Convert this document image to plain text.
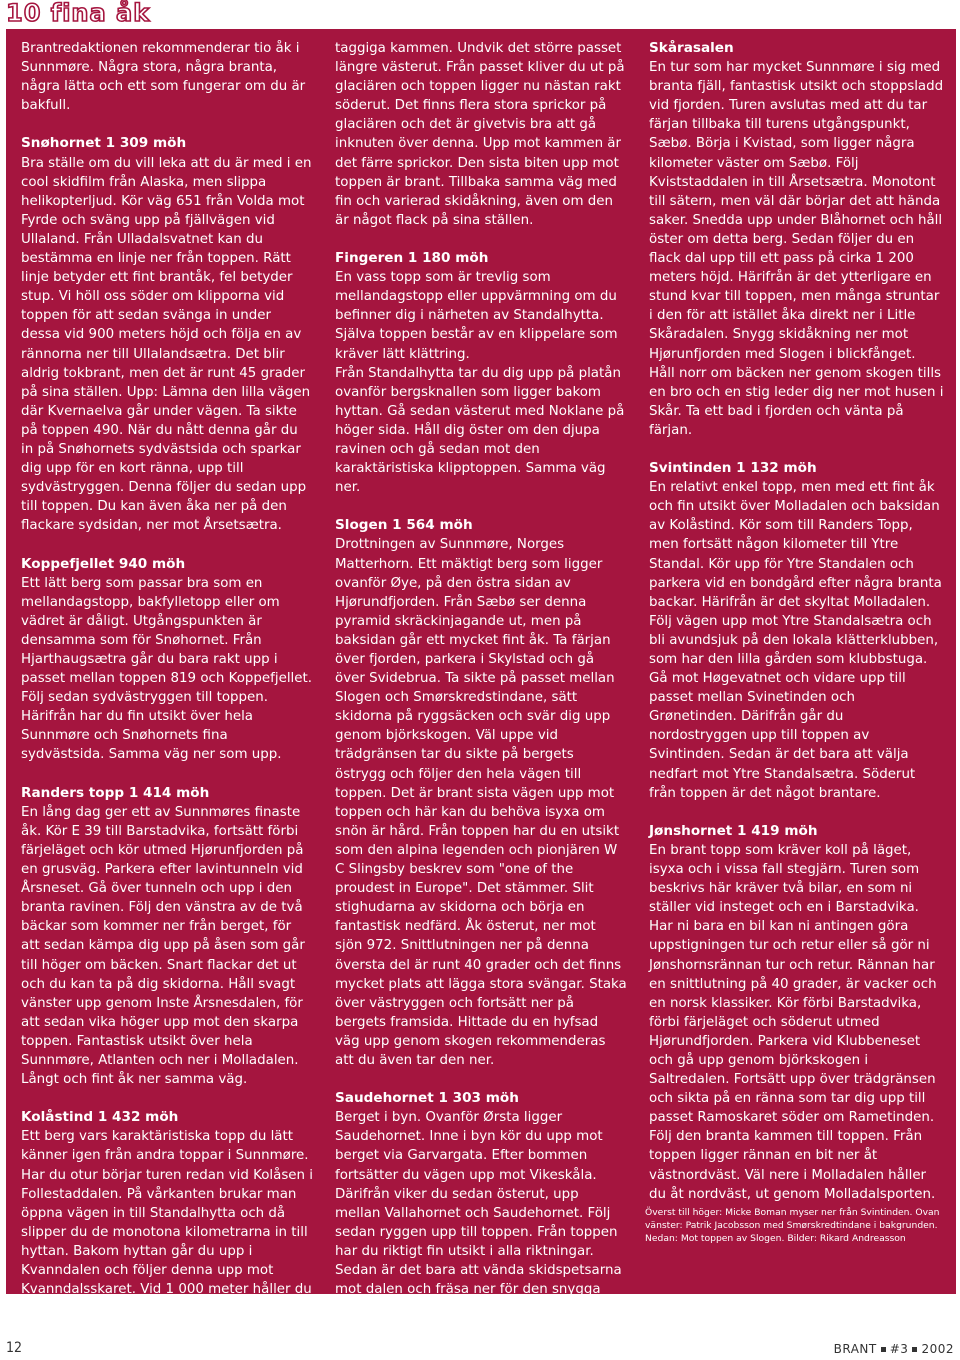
10 fina åk

Brantredaktionen rekommenderar tio åk i Sunnmøre. Några stora, några branta, några lätta och ett som fungerar om du är bakfull.

Snøhornet 1 309 möh

Bra ställe om du vill leka att du är med i en cool skidfilm från Alaska, men slippa helikopterljud. Kör väg 651 från Volda mot Fyrde och sväng upp på fjällvägen vid Ullaland. Från Ulladalsvatnet kan du bestämma en linje ner från toppen. Rätt linje betyder ett fint brantåk, fel betyder stup. Vi höll oss söder om klipporna vid toppen för att sedan svänga in under dessa vid 900 meters höjd och följa en av rännorna ner till Ullalandsætra. Det blir aldrig tokbrant, men det är runt 45 grader på sina ställen. Upp: Lämna den lilla vägen där Kvernaelva går under vägen. Ta sikte på toppen 490. När du nått denna går du in på Snøhornets sydvästsida och sparkar dig upp för en kort ränna, upp till sydvästryggen. Denna följer du sedan upp till toppen. Du kan även åka ner på den flackare sydsidan, ner mot Årsetsætra.

Koppefjellet 940 möh

Ett lätt berg som passar bra som en mellandagstopp, bakfylletopp eller om vädret är dåligt. Utgångspunkten är densamma som för Snøhornet. Från Hjarthaugsætra går du bara rakt upp i passet mellan toppen 819 och Koppefjellet. Följ sedan sydvästryggen till toppen. Härifrån har du fin utsikt över hela Sunnmøre och Snøhornets fina sydvästsida. Samma väg ner som upp.

Randers topp 1 414 möh

En lång dag ger ett av Sunnmøres finaste åk. Kör E 39 till Barstadvika, fortsätt förbi färjeläget och kör utmed Hjørunfjorden på en grusväg. Parkera efter lavintunneln vid Årsneset. Gå över tunneln och upp i den branta ravinen. Följ den vänstra av de två bäckar som kommer ner från berget, för att sedan kämpa dig upp på åsen som går till höger om bäcken. Snart flackar det ut och du kan ta på dig skidorna. Håll svagt vänster upp genom Inste Årsnesdalen, för att sedan vika höger upp mot den skarpa toppen. Fantastisk utsikt över hela Sunnmøre, Atlanten och ner i Molladalen. Långt och fint åk ner samma väg.

Kolåstind 1 432 möh

Ett berg vars karaktäristiska topp du lätt känner igen från andra toppar i Sunnmøre. Har du otur börjar turen redan vid Kolåsen i Follestaddalen. På vårkanten brukar man öppna vägen in till Standalhytta och då slipper du de monotona kilometrarna in till hyttan. Bakom hyttan går du upp i Kvanndalen och följer denna upp mot Kvanndalsskaret. Vid 1 000 meter håller du sedan sydväst upp mot Stretet, som är ett litet pass i den

taggiga kammen. Undvik det större passet längre västerut. Från passet kliver du ut på glaciären och toppen ligger nu nästan rakt söderut. Det finns flera stora sprickor på glaciären och det är givetvis bra att gå inknuten över denna. Upp mot kammen är det färre sprickor. Den sista biten upp mot toppen är brant. Tillbaka samma väg med fin och varierad skidåkning, även om den är något flack på sina ställen.

Fingeren 1 180 möh

En vass topp som är trevlig som mellandagstopp eller uppvärmning om du befinner dig i närheten av Standalhytta. Själva toppen består av en klippelare som kräver lätt klättring.

Från Standalhytta tar du dig upp på platån ovanför bergsknallen som ligger bakom hyttan. Gå sedan västerut med Noklane på höger sida. Håll dig öster om den djupa ravinen och gå sedan mot den karaktäristiska klipptoppen. Samma väg ner.

Slogen 1 564 möh

Drottningen av Sunnmøre, Norges Matterhorn. Ett mäktigt berg som ligger ovanför Øye, på den östra sidan av Hjørundfjorden. Från Sæbø ser denna pyramid skräckinjagande ut, men på baksidan går ett mycket fint åk. Ta färjan över fjorden, parkera i Skylstad och gå över Svidebrua. Ta sikte på passet mellan Slogen och Smørskredstindane, sätt skidorna på ryggsäcken och svär dig upp genom björkskogen. Väl uppe vid trädgränsen tar du sikte på bergets östrygg och följer den hela vägen till toppen. Det är brant sista vägen upp mot toppen och här kan du behöva isyxa om snön är hård. Från toppen har du en utsikt som den alpina legenden och pionjären W C Slingsby beskrev som "one of the proudest in Europe". Det stämmer. Slit stighudarna av skidorna och börja en fantastisk nedfärd. Åk österut, ner mot sjön 972. Snittlutningen ner på denna översta del är runt 40 grader och det finns mycket plats att lägga stora svängar. Staka över västryggen och fortsätt ner på bergets framsida. Hittade du en hyfsad väg upp genom skogen rekommenderas att du även tar den ner.

Saudehornet 1 303 möh

Berget i byn. Ovanför Ørsta ligger Saudehornet. Inne i byn kör du upp mot berget via Garvargata. Efter bommen fortsätter du vägen upp mot Vikeskåla. Därifrån viker du sedan österut, upp mellan Vallahornet och Saudehornet. Följ sedan ryggen upp till toppen. Från toppen har du riktigt fin utsikt i alla riktningar. Sedan är det bara att vända skidspetsarna mot dalen och fräsa ner för den snygga bergssidan som vetter mot Vikeskåla och Ørsta.

Skårasalen

En tur som har mycket Sunnmøre i sig med branta fjäll, fantastisk utsikt och stoppsladd vid fjorden. Turen avslutas med att du tar färjan tillbaka till turens utgångspunkt, Sæbø. Börja i Kvistad, som ligger några kilometer väster om Sæbø. Följ Kviststaddalen in till Årsetsætra. Monotont till sätern, men väl där börjar det att hända saker. Snedda upp under Blåhornet och håll öster om detta berg. Sedan följer du en flack dal upp till ett pass på cirka 1 200 meters höjd. Härifrån är det ytterligare en stund kvar till toppen, men många struntar i den för att istället åka direkt ner i Litle Skåradalen. Snygg skidåkning ner mot Hjørunfjorden med Slogen i blickfånget. Håll norr om bäcken ner genom skogen tills en bro och en stig leder dig ner mot husen i Skår. Ta ett bad i fjorden och vänta på färjan.

Svintinden 1 132 möh

En relativt enkel topp, men med ett fint åk och fin utsikt över Molladalen och baksidan av Kolåstind. Kör som till Randers Topp, men fortsätt någon kilometer till Ytre Standal. Kör upp för Ytre Standalen och parkera vid en bondgård efter några branta backar. Härifrån är det skyltat Molladalen. Följ vägen upp mot Ytre Standalsætra och bli avundsjuk på den lokala klätterklubben, som har den lilla gården som klubbstuga. Gå mot Høgevatnet och vidare upp till passet mellan Svinetinden och Grønetinden. Därifrån går du nordostryggen upp till toppen av Svintinden. Sedan är det bara att välja nedfart mot Ytre Standalsætra. Söderut från toppen är det något brantare.

Jønshornet 1 419 möh

En brant topp som kräver koll på läget, isyxa och i vissa fall stegjärn. Turen som beskrivs här kräver två bilar, en som ni ställer vid insteget och en i Barstadvika. Har ni bara en bil kan ni antingen göra uppstigningen tur och retur eller så gör ni Jønshornsrännan tur och retur. Rännan har en snittlutning på 40 grader, är vacker och en norsk klassiker. Kör förbi Barstadvika, förbi färjeläget och söderut utmed Hjørundfjorden. Parkera vid Klubbeneset och gå upp genom björkskogen i Saltredalen. Fortsätt upp över trädgränsen och sikta på en ränna som tar dig upp till passet Ramoskaret söder om Rametinden. Följ den branta kammen till toppen. Från toppen ligger rännan en bit ner åt västnordväst. Väl nere i Molladalen håller du åt nordväst, ut genom Molladalsporten.

Överst till höger: Micke Boman myser ner från Svintinden. Ovan vänster: Patrik Jacobsson med Smørskredtindane i bakgrunden. Nedan: Mot toppen av Slogen. Bilder: Rikard Andreasson
12	BRANT #3 2002
